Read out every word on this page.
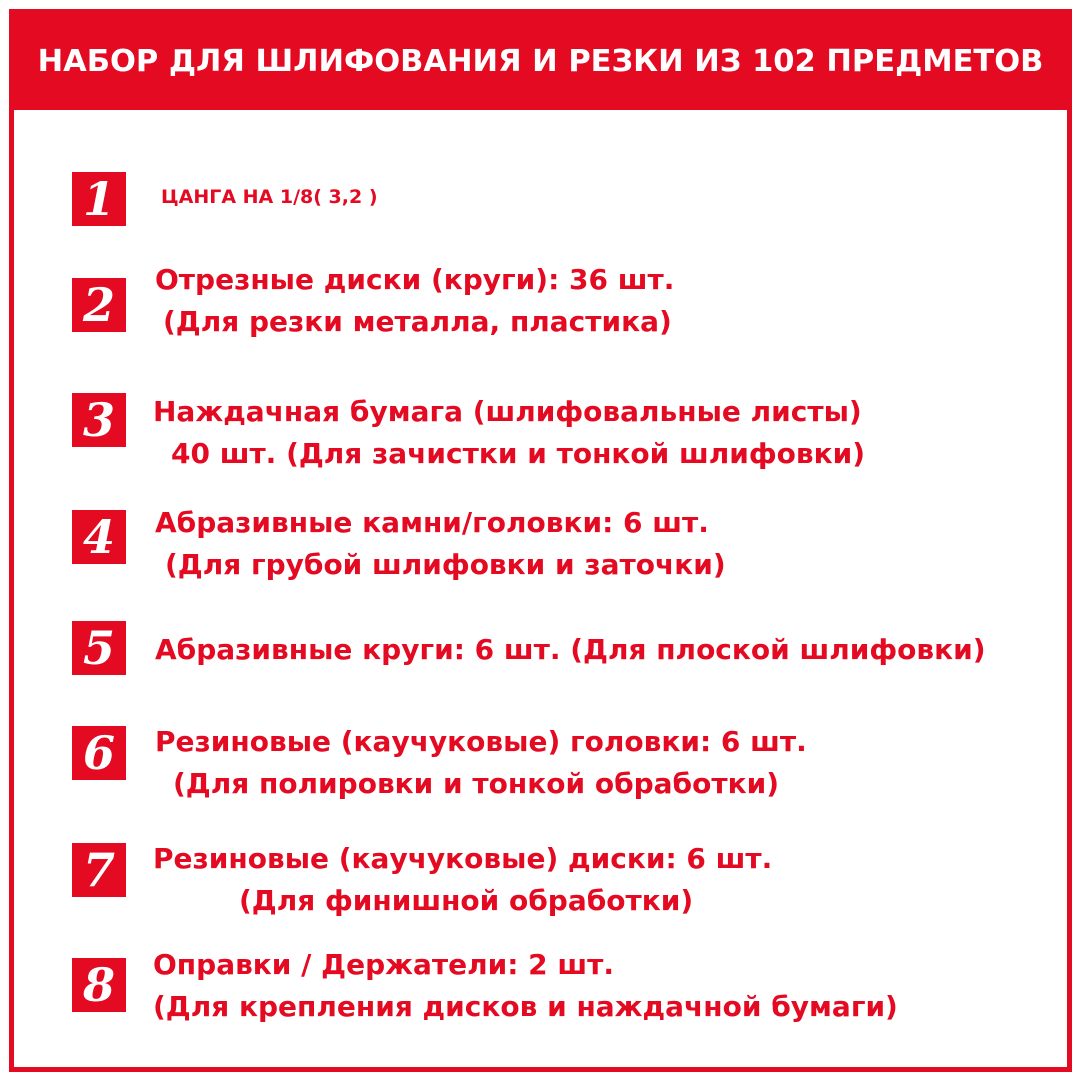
НАБОР ДЛЯ ШЛИФОВАНИЯ И РЕЗКИ ИЗ 102 ПРЕДМЕТОВ
1	ЦАНГА НА 1/8( 3,2 )
2	Отрезные диски (круги): 36 шт.
(Для резки металла, пластика)
3	Наждачная бумага (шлифовальные листы)
40 шт. (Для зачистки и тонкой шлифовки)
4	Абразивные камни/головки: 6 шт.
(Для грубой шлифовки и заточки)
5	Абразивные круги: 6 шт. (Для плоской шлифовки)
6	Резиновые (каучуковые) головки: 6 шт.
(Для полировки и тонкой обработки)
7	Резиновые (каучуковые) диски: 6 шт.
(Для финишной обработки)
8	Оправки / Держатели: 2 шт.
(Для крепления дисков и наждачной бумаги)
